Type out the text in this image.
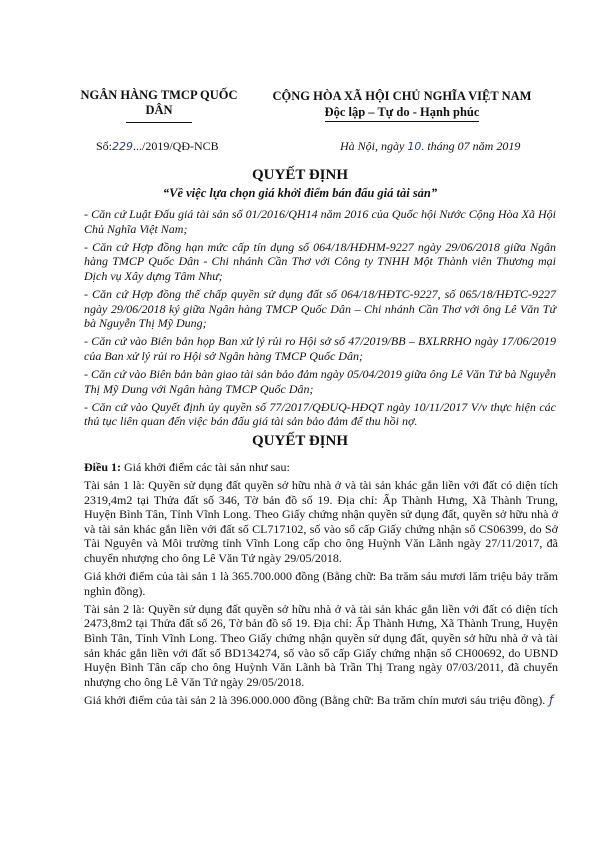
NGÂN HÀNG TMCP QUỐC
DÂN
CỘNG HÒA XÃ HỘI CHỦ NGHĨA VIỆT NAM
Độc lập – Tự do - Hạnh phúc
Số:229.../2019/QĐ-NCB	Hà Nội, ngày 10. tháng 07 năm 2019
QUYẾT ĐỊNH
“Về việc lựa chọn giá khởi điểm bán đấu giá tài sản”

- Căn cứ Luật Đấu giá tài sản số 01/2016/QH14 năm 2016 của Quốc hội Nước Cộng Hòa Xã Hội Chủ Nghĩa Việt Nam;

- Căn cứ Hợp đồng hạn mức cấp tín dụng số 064/18/HĐHM-9227 ngày 29/06/2018 giữa Ngân hàng TMCP Quốc Dân - Chi nhánh Cần Thơ với Công ty TNHH Một Thành viên Thương mại Dịch vụ Xây dựng Tâm Như;

- Căn cứ Hợp đồng thế chấp quyền sử dụng đất số 064/18/HĐTC-9227, số 065/18/HĐTC-9227 ngày 29/06/2018 ký giữa Ngân hàng TMCP Quốc Dân – Chi nhánh Cần Thơ với ông Lê Văn Tứ bà Nguyễn Thị Mỹ Dung;

- Căn cứ vào Biên bản họp Ban xử lý rủi ro Hội sở số 47/2019/BB – BXLRRHO ngày 17/06/2019 của Ban xử lý rủi ro Hội sở Ngân hàng TMCP Quốc Dân;

- Căn cứ vào Biên bản bàn giao tài sản bảo đảm ngày 05/04/2019 giữa ông Lê Văn Tứ bà Nguyễn Thị Mỹ Dung với Ngân hàng TMCP Quốc Dân;

- Căn cứ vào Quyết định ủy quyền số 77/2017/QĐUQ-HĐQT ngày 10/11/2017 V/v thực hiện các thủ tục liên quan đến việc bán đấu giá tài sản bảo đảm để thu hồi nợ.

QUYẾT ĐỊNH

Điều 1: Giá khởi điểm các tài sản như sau:

Tài sản 1 là: Quyền sử dụng đất quyền sở hữu nhà ở và tài sản khác gắn liền với đất có diện tích 2319,4m2 tại Thửa đất số 346, Tờ bản đồ số 19. Địa chỉ: Ấp Thành Hưng, Xã Thành Trung, Huyện Bình Tân, Tỉnh Vĩnh Long. Theo Giấy chứng nhận quyền sử dụng đất, quyền sở hữu nhà ở và tài sản khác gắn liền với đất số CL717102, số vào sổ cấp Giấy chứng nhận số CS06399, do Sở Tài Nguyên và Môi trường tỉnh Vĩnh Long cấp cho ông Huỳnh Văn Lãnh ngày 27/11/2017, đã chuyển nhượng cho ông Lê Văn Tứ ngày 29/05/2018.

Giá khởi điểm của tài sản 1 là 365.700.000 đồng (Bằng chữ: Ba trăm sáu mươi lăm triệu bảy trăm nghìn đồng).

Tài sản 2 là: Quyền sử dụng đất quyền sở hữu nhà ở và tài sản khác gắn liền với đất có diện tích 2473,8m2 tại Thửa đất số 26, Tờ bản đồ số 19. Địa chỉ: Ấp Thành Hưng, Xã Thành Trung, Huyện Bình Tân, Tỉnh Vĩnh Long. Theo Giấy chứng nhận quyền sử dụng đất, quyền sở hữu nhà ở và tài sản khác gắn liền với đất số BD134274, số vào sổ cấp Giấy chứng nhận số CH00692, do UBND Huyện Bình Tân cấp cho ông Huỳnh Văn Lãnh bà Trần Thị Trang ngày 07/03/2011, đã chuyển nhượng cho ông Lê Văn Tứ ngày 29/05/2018.

Giá khởi điểm của tài sản 2 là 396.000.000 đồng (Bằng chữ: Ba trăm chín mươi sáu triệu đồng). ƒ
